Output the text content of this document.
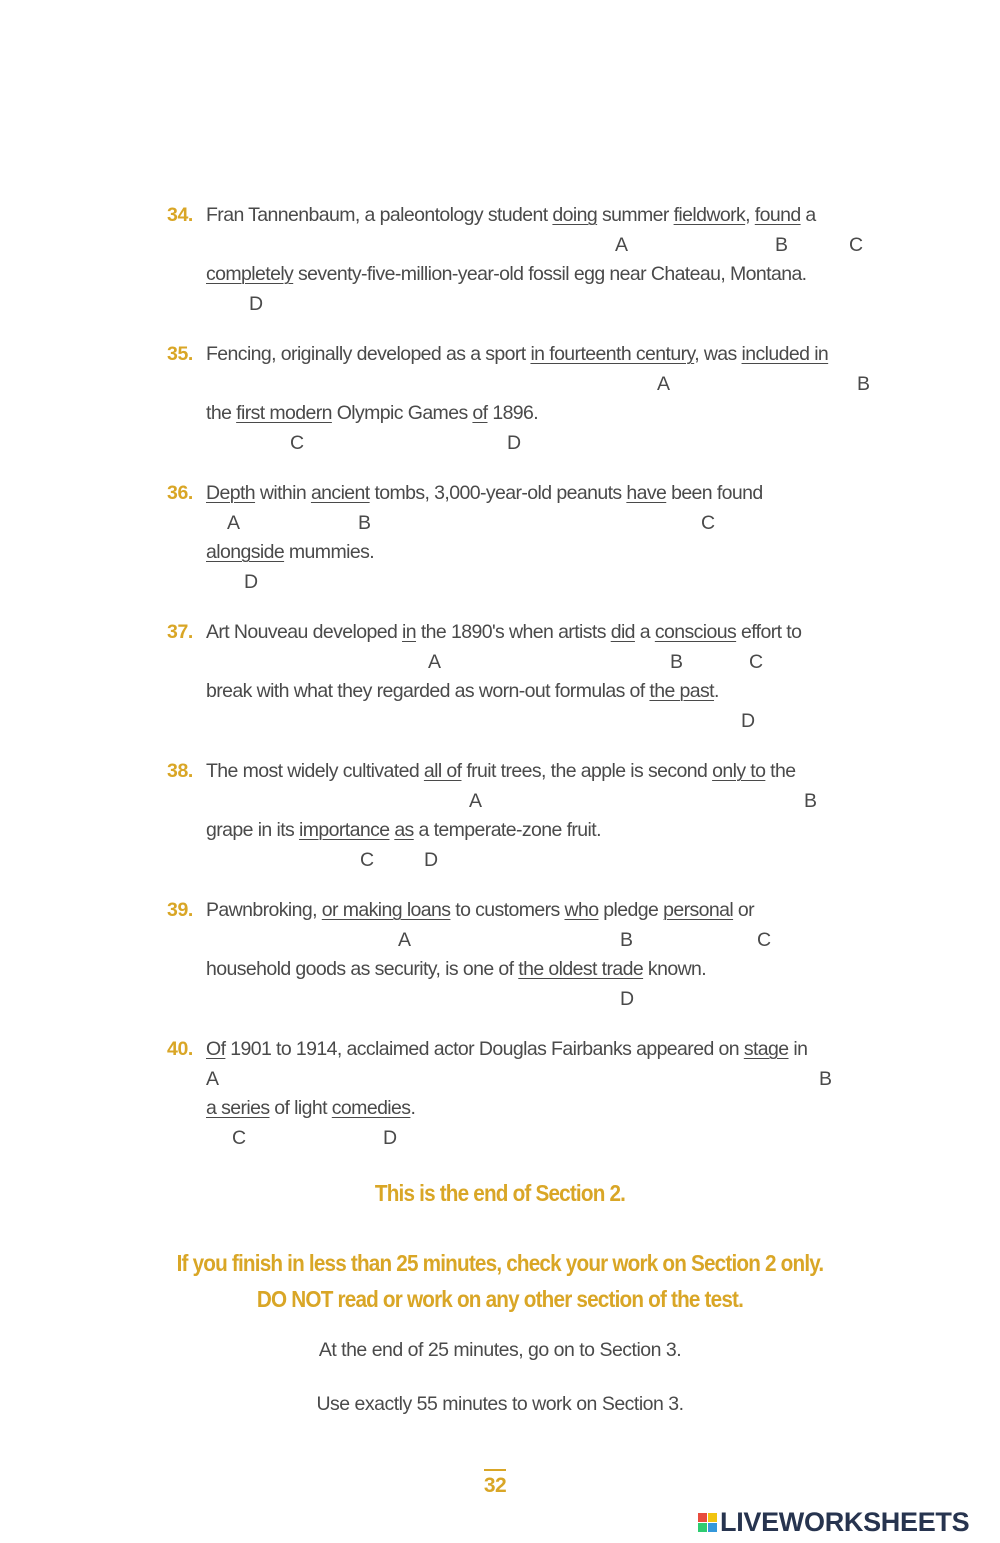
34. Fran Tannenbaum, a paleontology student doing summer fieldwork, found a
A	B	C
completely seventy-five-million-year-old fossil egg near Chateau, Montana.
D
35. Fencing, originally developed as a sport in fourteenth century, was included in
A	B
the first modern Olympic Games of 1896.
C	D
36. Depth within ancient tombs, 3,000-year-old peanuts have been found
A	B	C
alongside mummies.
D
37. Art Nouveau developed in the 1890's when artists did a conscious effort to
A	B	C
break with what they regarded as worn-out formulas of the past.
D
38. The most widely cultivated all of fruit trees, the apple is second only to the
A	B
grape in its importance as a temperate-zone fruit.
C	D
39. Pawnbroking, or making loans to customers who pledge personal or
A	B	C
household goods as security, is one of the oldest trade known.
D
40. Of 1901 to 1914, acclaimed actor Douglas Fairbanks appeared on stage in
A	B
a series of light comedies.
C	D
This is the end of Section 2.
If you finish in less than 25 minutes, check your work on Section 2 only.
DO NOT read or work on any other section of the test.
At the end of 25 minutes, go on to Section 3.
Use exactly 55 minutes to work on Section 3.
32
LIVEWORKSHEETS
